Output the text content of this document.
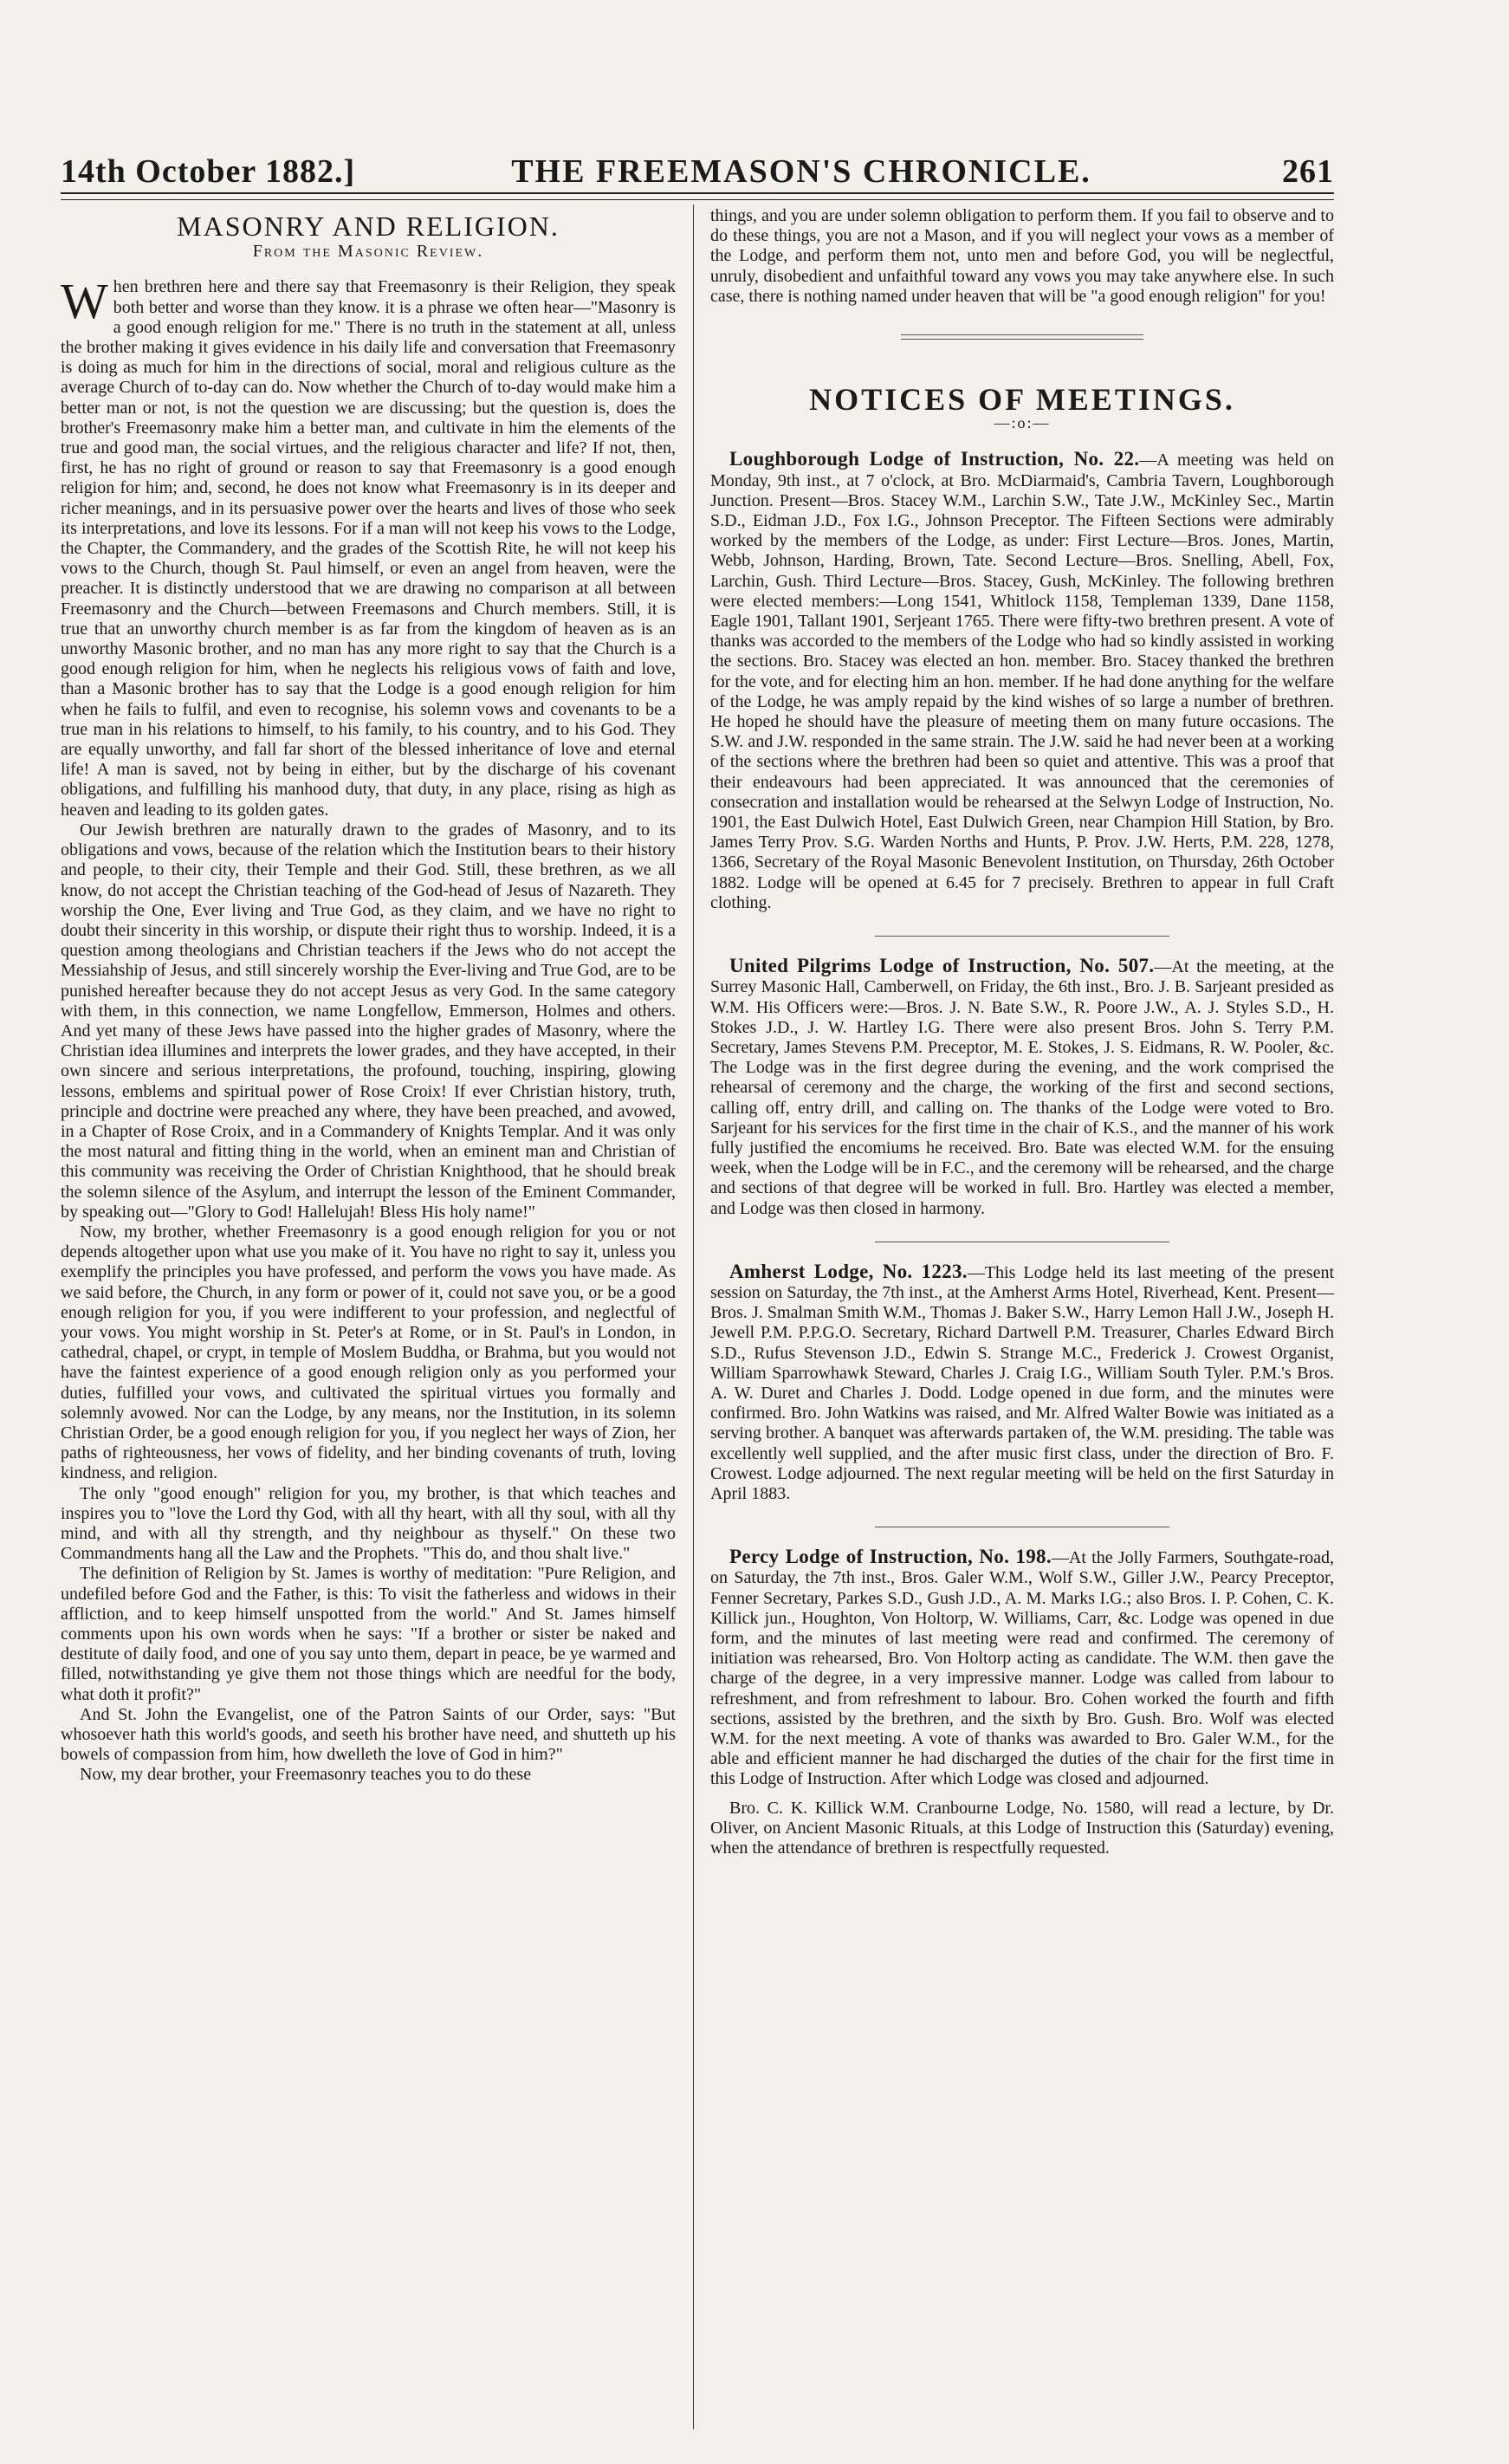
14th October 1882.]	THE FREEMASON'S CHRONICLE.	261
MASONRY AND RELIGION.
From the Masonic Review.

When brethren here and there say that Freemasonry is their Religion, they speak both better and worse than they know. it is a phrase we often hear—"Masonry is a good enough religion for me." There is no truth in the statement at all, unless the brother making it gives evidence in his daily life and conversation that Freemasonry is doing as much for him in the directions of social, moral and religious culture as the average Church of to-day can do. Now whether the Church of to-day would make him a better man or not, is not the question we are discussing; but the question is, does the brother's Freemasonry make him a better man, and cultivate in him the elements of the true and good man, the social virtues, and the religious character and life? If not, then, first, he has no right of ground or reason to say that Freemasonry is a good enough religion for him; and, second, he does not know what Freemasonry is in its deeper and richer meanings, and in its persuasive power over the hearts and lives of those who seek its interpretations, and love its lessons. For if a man will not keep his vows to the Lodge, the Chapter, the Commandery, and the grades of the Scottish Rite, he will not keep his vows to the Church, though St. Paul himself, or even an angel from heaven, were the preacher. It is distinctly understood that we are drawing no comparison at all between Freemasonry and the Church—between Freemasons and Church members. Still, it is true that an unworthy church member is as far from the kingdom of heaven as is an unworthy Masonic brother, and no man has any more right to say that the Church is a good enough religion for him, when he neglects his religious vows of faith and love, than a Masonic brother has to say that the Lodge is a good enough religion for him when he fails to fulfil, and even to recognise, his solemn vows and covenants to be a true man in his relations to himself, to his family, to his country, and to his God. They are equally unworthy, and fall far short of the blessed inheritance of love and eternal life! A man is saved, not by being in either, but by the discharge of his covenant obligations, and fulfilling his manhood duty, that duty, in any place, rising as high as heaven and leading to its golden gates.

Our Jewish brethren are naturally drawn to the grades of Masonry, and to its obligations and vows, because of the relation which the Institution bears to their history and people, to their city, their Temple and their God. Still, these brethren, as we all know, do not accept the Christian teaching of the God-head of Jesus of Nazareth. They worship the One, Ever living and True God, as they claim, and we have no right to doubt their sincerity in this worship, or dispute their right thus to worship. Indeed, it is a question among theologians and Christian teachers if the Jews who do not accept the Messiahship of Jesus, and still sincerely worship the Ever-living and True God, are to be punished hereafter because they do not accept Jesus as very God. In the same category with them, in this connection, we name Longfellow, Emmerson, Holmes and others. And yet many of these Jews have passed into the higher grades of Masonry, where the Christian idea illumines and interprets the lower grades, and they have accepted, in their own sincere and serious interpretations, the profound, touching, inspiring, glowing lessons, emblems and spiritual power of Rose Croix! If ever Christian history, truth, principle and doctrine were preached any where, they have been preached, and avowed, in a Chapter of Rose Croix, and in a Commandery of Knights Templar. And it was only the most natural and fitting thing in the world, when an eminent man and Christian of this community was receiving the Order of Christian Knighthood, that he should break the solemn silence of the Asylum, and interrupt the lesson of the Eminent Commander, by speaking out—"Glory to God! Hallelujah! Bless His holy name!"

Now, my brother, whether Freemasonry is a good enough religion for you or not depends altogether upon what use you make of it. You have no right to say it, unless you exemplify the principles you have professed, and perform the vows you have made. As we said before, the Church, in any form or power of it, could not save you, or be a good enough religion for you, if you were indifferent to your profession, and neglectful of your vows. You might worship in St. Peter's at Rome, or in St. Paul's in London, in cathedral, chapel, or crypt, in temple of Moslem Buddha, or Brahma, but you would not have the faintest experience of a good enough religion only as you performed your duties, fulfilled your vows, and cultivated the spiritual virtues you formally and solemnly avowed. Nor can the Lodge, by any means, nor the Institution, in its solemn Christian Order, be a good enough religion for you, if you neglect her ways of Zion, her paths of righteousness, her vows of fidelity, and her binding covenants of truth, loving kindness, and religion.

The only "good enough" religion for you, my brother, is that which teaches and inspires you to "love the Lord thy God, with all thy heart, with all thy soul, with all thy mind, and with all thy strength, and thy neighbour as thyself." On these two Commandments hang all the Law and the Prophets. "This do, and thou shalt live."

The definition of Religion by St. James is worthy of meditation: "Pure Religion, and undefiled before God and the Father, is this: To visit the fatherless and widows in their affliction, and to keep himself unspotted from the world." And St. James himself comments upon his own words when he says: "If a brother or sister be naked and destitute of daily food, and one of you say unto them, depart in peace, be ye warmed and filled, notwithstanding ye give them not those things which are needful for the body, what doth it profit?"

And St. John the Evangelist, one of the Patron Saints of our Order, says: "But whosoever hath this world's goods, and seeth his brother have need, and shutteth up his bowels of compassion from him, how dwelleth the love of God in him?"

Now, my dear brother, your Freemasonry teaches you to do these

things, and you are under solemn obligation to perform them. If you fail to observe and to do these things, you are not a Mason, and if you will neglect your vows as a member of the Lodge, and perform them not, unto men and before God, you will be neglectful, unruly, disobedient and unfaithful toward any vows you may take anywhere else. In such case, there is nothing named under heaven that will be "a good enough religion" for you!

NOTICES OF MEETINGS.
—:o:—

Loughborough Lodge of Instruction, No. 22.—A meeting was held on Monday, 9th inst., at 7 o'clock, at Bro. McDiarmaid's, Cambria Tavern, Loughborough Junction. Present—Bros. Stacey W.M., Larchin S.W., Tate J.W., McKinley Sec., Martin S.D., Eidman J.D., Fox I.G., Johnson Preceptor. The Fifteen Sections were admirably worked by the members of the Lodge, as under: First Lecture—Bros. Jones, Martin, Webb, Johnson, Harding, Brown, Tate. Second Lecture—Bros. Snelling, Abell, Fox, Larchin, Gush. Third Lecture—Bros. Stacey, Gush, McKinley. The following brethren were elected members:—Long 1541, Whitlock 1158, Templeman 1339, Dane 1158, Eagle 1901, Tallant 1901, Serjeant 1765. There were fifty-two brethren present. A vote of thanks was accorded to the members of the Lodge who had so kindly assisted in working the sections. Bro. Stacey was elected an hon. member. Bro. Stacey thanked the brethren for the vote, and for electing him an hon. member. If he had done anything for the welfare of the Lodge, he was amply repaid by the kind wishes of so large a number of brethren. He hoped he should have the pleasure of meeting them on many future occasions. The S.W. and J.W. responded in the same strain. The J.W. said he had never been at a working of the sections where the brethren had been so quiet and attentive. This was a proof that their endeavours had been appreciated. It was announced that the ceremonies of consecration and installation would be rehearsed at the Selwyn Lodge of Instruction, No. 1901, the East Dulwich Hotel, East Dulwich Green, near Champion Hill Station, by Bro. James Terry Prov. S.G. Warden Norths and Hunts, P. Prov. J.W. Herts, P.M. 228, 1278, 1366, Secretary of the Royal Masonic Benevolent Institution, on Thursday, 26th October 1882. Lodge will be opened at 6.45 for 7 precisely. Brethren to appear in full Craft clothing.

United Pilgrims Lodge of Instruction, No. 507.—At the meeting, at the Surrey Masonic Hall, Camberwell, on Friday, the 6th inst., Bro. J. B. Sarjeant presided as W.M. His Officers were:—Bros. J. N. Bate S.W., R. Poore J.W., A. J. Styles S.D., H. Stokes J.D., J. W. Hartley I.G. There were also present Bros. John S. Terry P.M. Secretary, James Stevens P.M. Preceptor, M. E. Stokes, J. S. Eidmans, R. W. Pooler, &c. The Lodge was in the first degree during the evening, and the work comprised the rehearsal of ceremony and the charge, the working of the first and second sections, calling off, entry drill, and calling on. The thanks of the Lodge were voted to Bro. Sarjeant for his services for the first time in the chair of K.S., and the manner of his work fully justified the encomiums he received. Bro. Bate was elected W.M. for the ensuing week, when the Lodge will be in F.C., and the ceremony will be rehearsed, and the charge and sections of that degree will be worked in full. Bro. Hartley was elected a member, and Lodge was then closed in harmony.

Amherst Lodge, No. 1223.—This Lodge held its last meeting of the present session on Saturday, the 7th inst., at the Amherst Arms Hotel, Riverhead, Kent. Present—Bros. J. Smalman Smith W.M., Thomas J. Baker S.W., Harry Lemon Hall J.W., Joseph H. Jewell P.M. P.P.G.O. Secretary, Richard Dartwell P.M. Treasurer, Charles Edward Birch S.D., Rufus Stevenson J.D., Edwin S. Strange M.C., Frederick J. Crowest Organist, William Sparrowhawk Steward, Charles J. Craig I.G., William South Tyler. P.M.'s Bros. A. W. Duret and Charles J. Dodd. Lodge opened in due form, and the minutes were confirmed. Bro. John Watkins was raised, and Mr. Alfred Walter Bowie was initiated as a serving brother. A banquet was afterwards partaken of, the W.M. presiding. The table was excellently well supplied, and the after music first class, under the direction of Bro. F. Crowest. Lodge adjourned. The next regular meeting will be held on the first Saturday in April 1883.

Percy Lodge of Instruction, No. 198.—At the Jolly Farmers, Southgate-road, on Saturday, the 7th inst., Bros. Galer W.M., Wolf S.W., Giller J.W., Pearcy Preceptor, Fenner Secretary, Parkes S.D., Gush J.D., A. M. Marks I.G.; also Bros. I. P. Cohen, C. K. Killick jun., Houghton, Von Holtorp, W. Williams, Carr, &c. Lodge was opened in due form, and the minutes of last meeting were read and confirmed. The ceremony of initiation was rehearsed, Bro. Von Holtorp acting as candidate. The W.M. then gave the charge of the degree, in a very impressive manner. Lodge was called from labour to refreshment, and from refreshment to labour. Bro. Cohen worked the fourth and fifth sections, assisted by the brethren, and the sixth by Bro. Gush. Bro. Wolf was elected W.M. for the next meeting. A vote of thanks was awarded to Bro. Galer W.M., for the able and efficient manner he had discharged the duties of the chair for the first time in this Lodge of Instruction. After which Lodge was closed and adjourned.

Bro. C. K. Killick W.M. Cranbourne Lodge, No. 1580, will read a lecture, by Dr. Oliver, on Ancient Masonic Rituals, at this Lodge of Instruction this (Saturday) evening, when the attendance of brethren is respectfully requested.
